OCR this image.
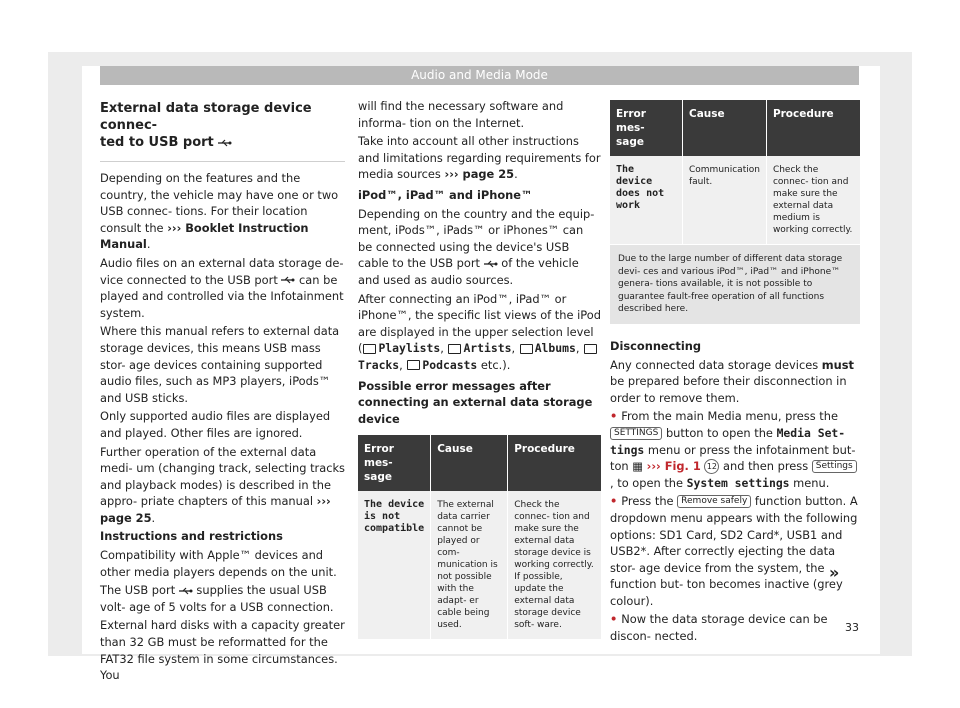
Audio and Media Mode
External data storage device connec-
ted to USB port

Depending on the features and the country, the vehicle may have one or two USB connec- tions. For their location consult the ››› Booklet Instruction Manual.

Audio files on an external data storage de- vice connected to the USB port can be played and controlled via the Infotainment system.

Where this manual refers to external data storage devices, this means USB mass stor- age devices containing supported audio files, such as MP3 players, iPods™ and USB sticks.

Only supported audio files are displayed and played. Other files are ignored.

Further operation of the external data medi- um (changing track, selecting tracks and playback modes) is described in the appro- priate chapters of this manual ››› page 25.

Instructions and restrictions

Compatibility with Apple™ devices and other media players depends on the unit.

The USB port supplies the usual USB volt- age of 5 volts for a USB connection.

External hard disks with a capacity greater than 32 GB must be reformatted for the FAT32 file system in some circumstances. You

will find the necessary software and informa- tion on the Internet.

Take into account all other instructions and limitations regarding requirements for media sources ››› page 25.

iPod™, iPad™ and iPhone™

Depending on the country and the equip- ment, iPods™, iPads™ or iPhones™ can be connected using the device's USB cable to the USB port of the vehicle and used as audio sources.

After connecting an iPod™, iPad™ or iPhone™, the specific list views of the iPod are displayed in the upper selection level ( Playlists, Artists, Albums, Tracks, Podcasts etc.).

Possible error messages after connecting an external data storage device

Error mes- sage	Cause	Procedure
The device is not compatible	The external data carrier cannot be played or com- munication is not possible with the adapt- er cable being used.	Check the connec- tion and make sure the external data storage device is working correctly. If possible, update the external data storage device soft- ware.
Error mes- sage	Cause	Procedure
The device does not work	Communication fault.	Check the connec- tion and make sure the external data medium is working correctly.
Due to the large number of different data storage devi- ces and various iPod™, iPad™ and iPhone™ genera- tions available, it is not possible to guarantee fault-free operation of all functions described here.

Disconnecting

Any connected data storage devices must be prepared before their disconnection in order to remove them.

• From the main Media menu, press the SETTINGS button to open the Media Set- tings menu or press the infotainment but- ton ▦ ››› Fig. 1 12 and then press Settings, to open the System settings menu.

• Press the Remove safely function button. A dropdown menu appears with the following options: SD1 Card, SD2 Card*, USB1 and USB2*. After correctly ejecting the data stor- age device from the system, the function but- ton becomes inactive (grey colour).

• Now the data storage device can be discon- nected.

»
33
